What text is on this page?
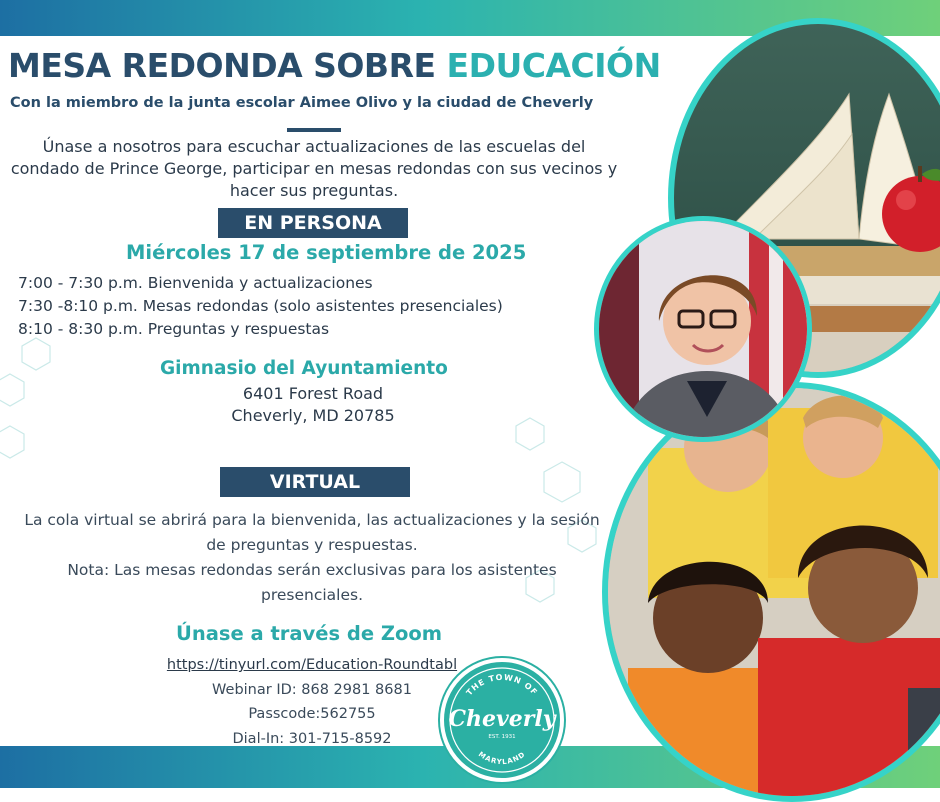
MESA REDONDA SOBRE EDUCACIÓN

Con la miembro de la junta escolar Aimee Olivo y la ciudad de Cheverly

Únase a nosotros para escuchar actualizaciones de las escuelas del condado de Prince George, participar en mesas redondas con sus vecinos y hacer sus preguntas.

EN PERSONA

Miércoles 17 de septiembre de 2025

7:00 - 7:30 p.m. Bienvenida y actualizaciones
7:30 -8:10 p.m. Mesas redondas (solo asistentes presenciales)
8:10 - 8:30 p.m. Preguntas y respuestas

Gimnasio del Ayuntamiento

6401 Forest Road
Cheverly, MD 20785
VIRTUAL
La cola virtual se abrirá para la bienvenida, las actualizaciones y la sesión de preguntas y respuestas.
Nota: Las mesas redondas serán exclusivas para los asistentes presenciales.

Únase a través de Zoom

https://tinyurl.com/Education-Roundtabl
Webinar ID: 868 2981 8681
Passcode:562755
Dial-In: 301-715-8592
THE TOWN OF
Cheverly
EST. 1931
MARYLAND
